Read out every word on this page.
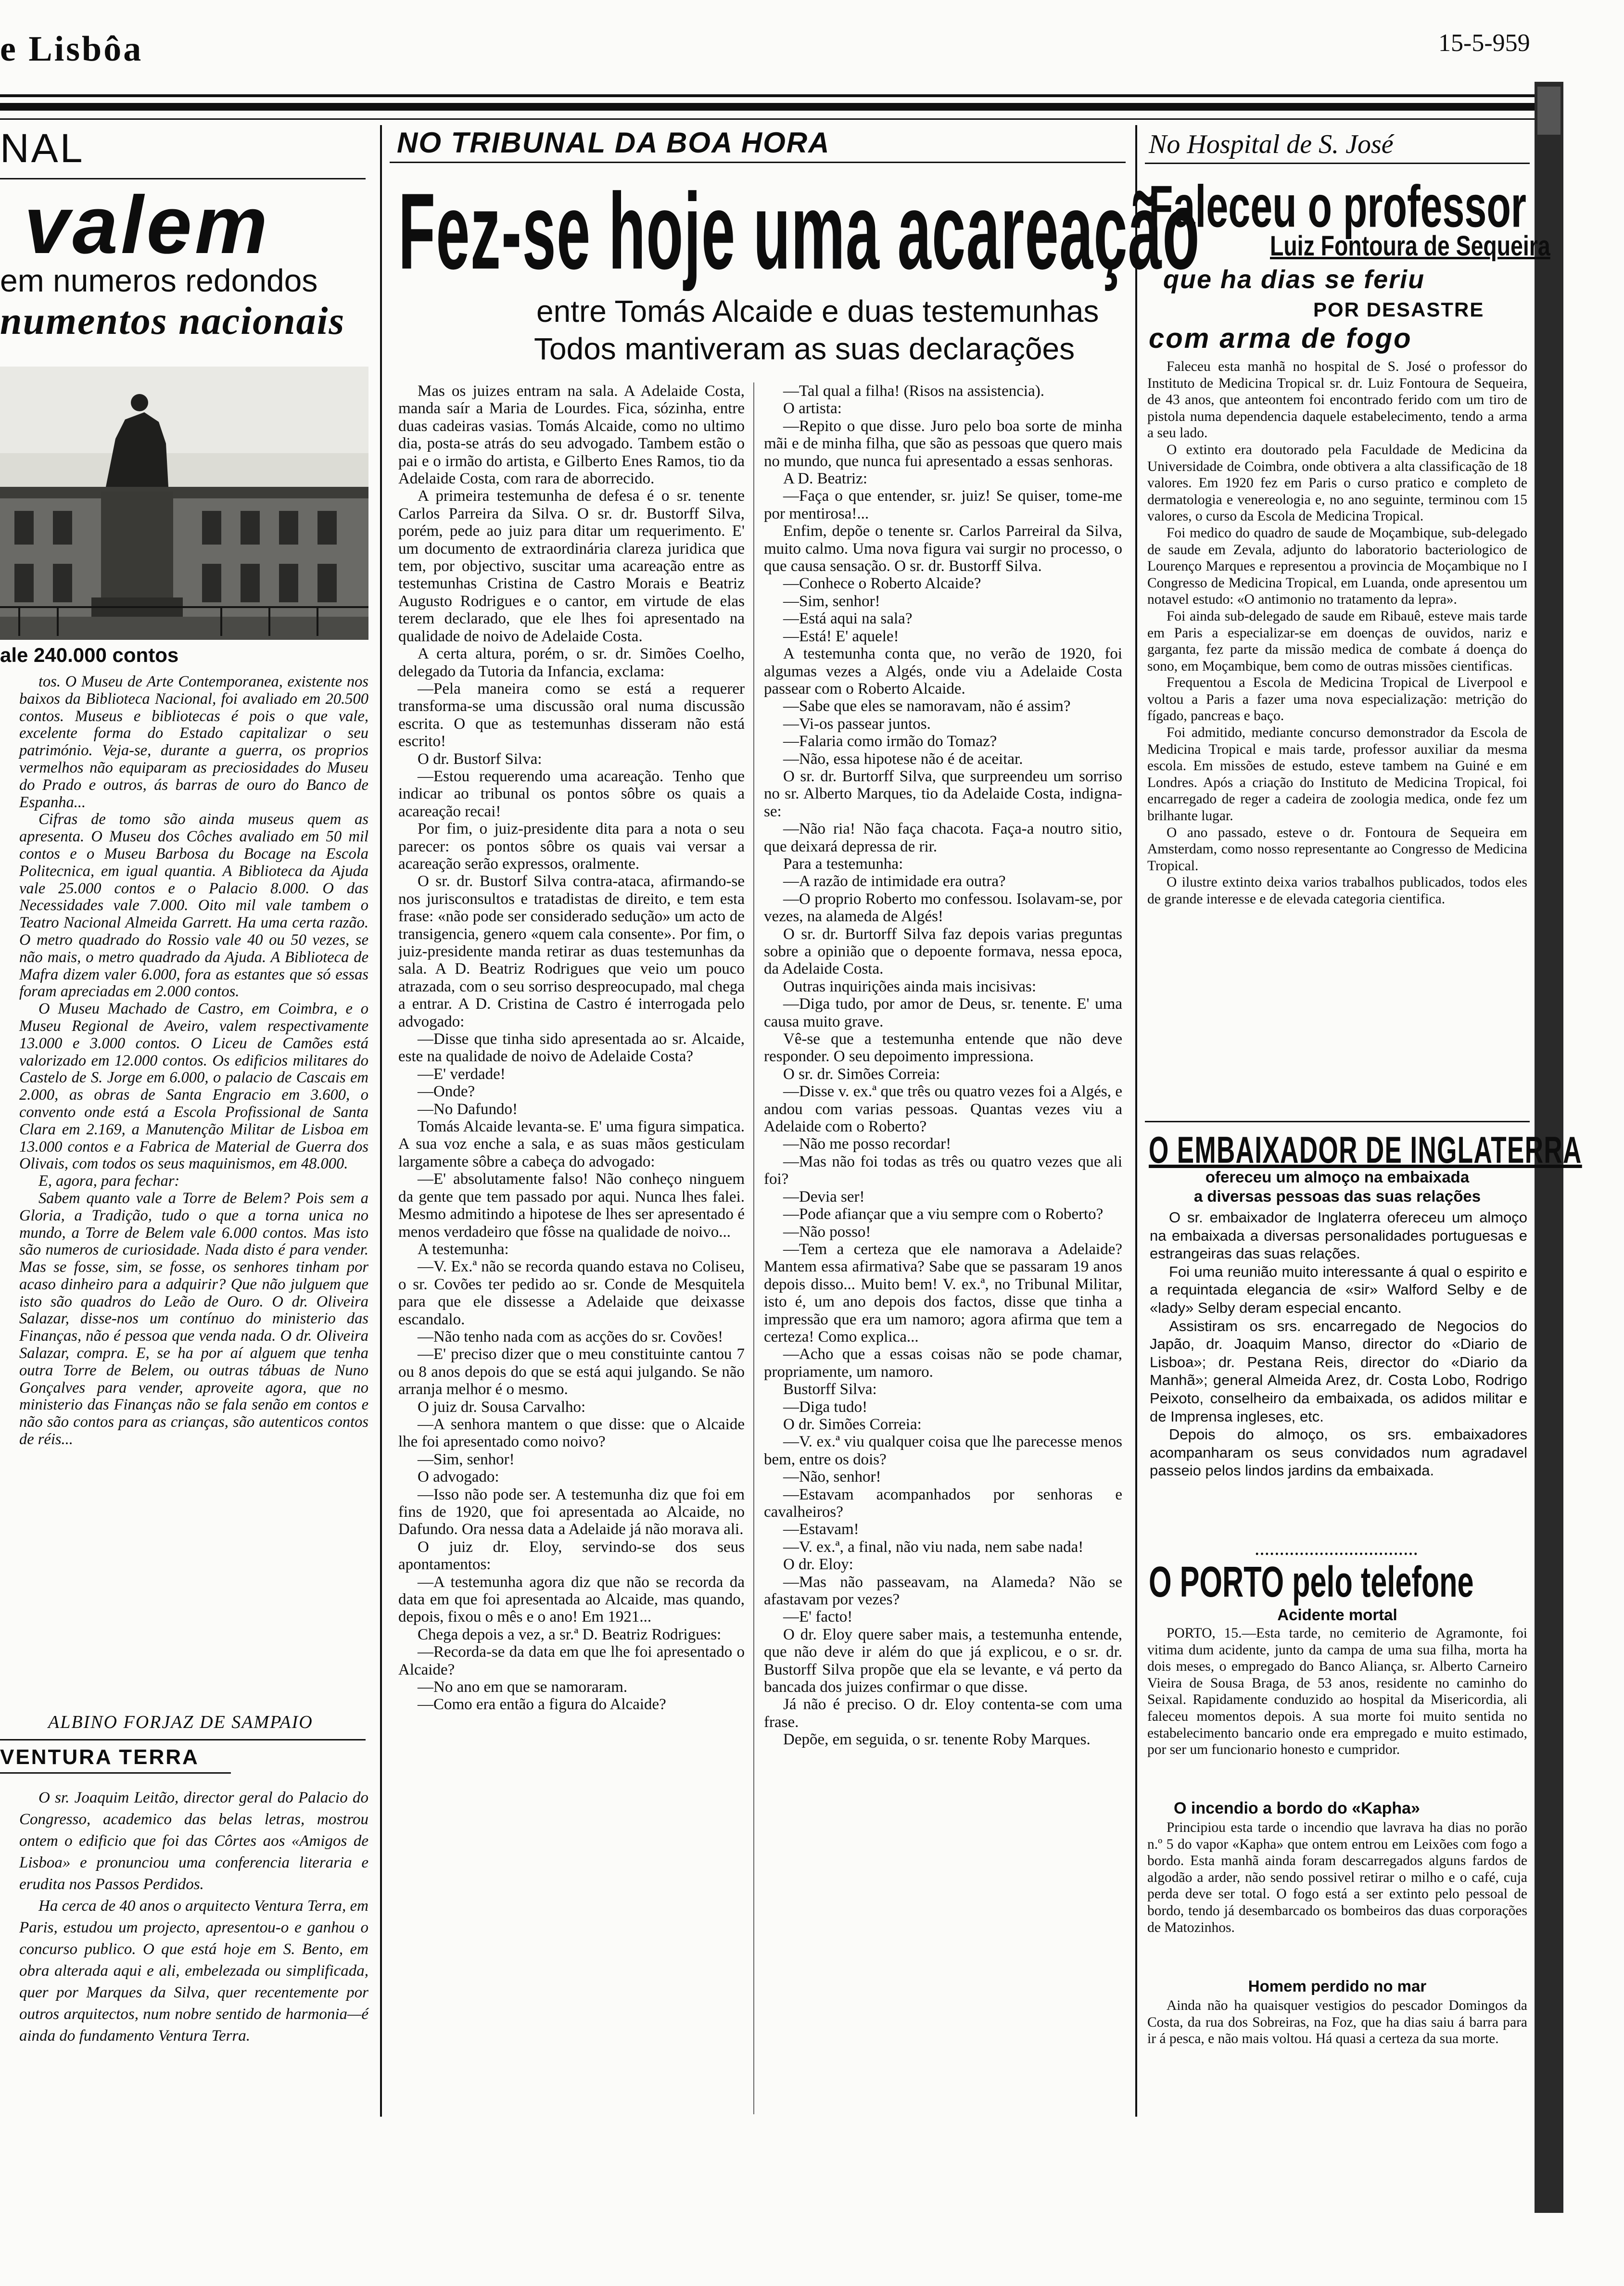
e Lisbôa	15-5-959
NAL
valem
em numeros redondos
numentos nacionais
ale 240.000 contos

tos. O Museu de Arte Contemporanea, existente nos baixos da Biblioteca Nacional, foi avaliado em 20.500 contos. Museus e bibliotecas é pois o que vale, excelente forma do Estado capitalizar o seu património. Veja-se, durante a guerra, os proprios vermelhos não equiparam as preciosidades do Museu do Prado e outros, ás barras de ouro do Banco de Espanha...

Cifras de tomo são ainda museus quem as apresenta. O Museu dos Côches avaliado em 50 mil contos e o Museu Barbosa du Bocage na Escola Politecnica, em igual quantia. A Biblioteca da Ajuda vale 25.000 contos e o Palacio 8.000. O das Necessidades vale 7.000. Oito mil vale tambem o Teatro Nacional Almeida Garrett. Ha uma certa razão. O metro quadrado do Rossio vale 40 ou 50 vezes, se não mais, o metro quadrado da Ajuda. A Biblioteca de Mafra dizem valer 6.000, fora as estantes que só essas foram apreciadas em 2.000 contos.

O Museu Machado de Castro, em Coimbra, e o Museu Regional de Aveiro, valem respectivamente 13.000 e 3.000 contos. O Liceu de Camões está valorizado em 12.000 contos. Os edificios militares do Castelo de S. Jorge em 6.000, o palacio de Cascais em 2.000, as obras de Santa Engracio em 3.600, o convento onde está a Escola Profissional de Santa Clara em 2.169, a Manutenção Militar de Lisboa em 13.000 contos e a Fabrica de Material de Guerra dos Olivais, com todos os seus maquinismos, em 48.000.

E, agora, para fechar:

Sabem quanto vale a Torre de Belem? Pois sem a Gloria, a Tradição, tudo o que a torna unica no mundo, a Torre de Belem vale 6.000 contos. Mas isto são numeros de curiosidade. Nada disto é para vender. Mas se fosse, sim, se fosse, os senhores tinham por acaso dinheiro para a adquirir? Que não julguem que isto são quadros do Leão de Ouro. O dr. Oliveira Salazar, disse-nos um contínuo do ministerio das Finanças, não é pessoa que venda nada. O dr. Oliveira Salazar, compra. E, se ha por aí alguem que tenha outra Torre de Belem, ou outras tábuas de Nuno Gonçalves para vender, aproveite agora, que no ministerio das Finanças não se fala senão em contos e não são contos para as crianças, são autenticos contos de réis...

ALBINO FORJAZ DE SAMPAIO
VENTURA TERRA

O sr. Joaquim Leitão, director geral do Palacio do Congresso, academico das belas letras, mostrou ontem o edificio que foi das Côrtes aos «Amigos de Lisboa» e pronunciou uma conferencia literaria e erudita nos Passos Perdidos.

Ha cerca de 40 anos o arquitecto Ventura Terra, em Paris, estudou um projecto, apresentou-o e ganhou o concurso publico. O que está hoje em S. Bento, em obra alterada aqui e ali, embelezada ou simplificada, quer por Marques da Silva, quer recentemente por outros arquitectos, num nobre sentido de harmonia—é ainda do fundamento Ventura Terra.

NO TRIBUNAL DA BOA HORA
Fez-se hoje uma acareação
entre Tomás Alcaide e duas testemunhas
Todos mantiveram as suas declarações

Mas os juizes entram na sala. A Adelaide Costa, manda saír a Maria de Lourdes. Fica, sózinha, entre duas cadeiras vasias. Tomás Alcaide, como no ultimo dia, posta-se atrás do seu advogado. Tambem estão o pai e o irmão do artista, e Gilberto Enes Ramos, tio da Adelaide Costa, com rara de aborrecido.

A primeira testemunha de defesa é o sr. tenente Carlos Parreira da Silva. O sr. dr. Bustorff Silva, porém, pede ao juiz para ditar um requerimento. E' um documento de extraordinária clareza juridica que tem, por objectivo, suscitar uma acareação entre as testemunhas Cristina de Castro Morais e Beatriz Augusto Rodrigues e o cantor, em virtude de elas terem declarado, que ele lhes foi apresentado na qualidade de noivo de Adelaide Costa.

A certa altura, porém, o sr. dr. Simões Coelho, delegado da Tutoria da Infancia, exclama:

—Pela maneira como se está a requerer transforma-se uma discussão oral numa discussão escrita. O que as testemunhas disseram não está escrito!

O dr. Bustorf Silva:

—Estou requerendo uma acareação. Tenho que indicar ao tribunal os pontos sôbre os quais a acareação recai!

Por fim, o juiz-presidente dita para a nota o seu parecer: os pontos sôbre os quais vai versar a acareação serão expressos, oralmente.

O sr. dr. Bustorf Silva contra-ataca, afirmando-se nos jurisconsultos e tratadistas de direito, e tem esta frase: «não pode ser considerado sedução» um acto de transigencia, genero «quem cala consente». Por fim, o juiz-presidente manda retirar as duas testemunhas da sala. A D. Beatriz Rodrigues que veio um pouco atrazada, com o seu sorriso despreocupado, mal chega a entrar. A D. Cristina de Castro é interrogada pelo advogado:

—Disse que tinha sido apresentada ao sr. Alcaide, este na qualidade de noivo de Adelaide Costa?

—E' verdade!

—Onde?

—No Dafundo!

Tomás Alcaide levanta-se. E' uma figura simpatica. A sua voz enche a sala, e as suas mãos gesticulam largamente sôbre a cabeça do advogado:

—E' absolutamente falso! Não conheço ninguem da gente que tem passado por aqui. Nunca lhes falei. Mesmo admitindo a hipotese de lhes ser apresentado é menos verdadeiro que fôsse na qualidade de noivo...

A testemunha:

—V. Ex.ª não se recorda quando estava no Coliseu, o sr. Covões ter pedido ao sr. Conde de Mesquitela para que ele dissesse a Adelaide que deixasse escandalo.

—Não tenho nada com as acções do sr. Covões!

—E' preciso dizer que o meu constituinte cantou 7 ou 8 anos depois do que se está aqui julgando. Se não arranja melhor é o mesmo.

O juiz dr. Sousa Carvalho:

—A senhora mantem o que disse: que o Alcaide lhe foi apresentado como noivo?

—Sim, senhor!

O advogado:

—Isso não pode ser. A testemunha diz que foi em fins de 1920, que foi apresentada ao Alcaide, no Dafundo. Ora nessa data a Adelaide já não morava ali.

O juiz dr. Eloy, servindo-se dos seus apontamentos:

—A testemunha agora diz que não se recorda da data em que foi apresentada ao Alcaide, mas quando, depois, fixou o mês e o ano! Em 1921...

Chega depois a vez, a sr.ª D. Beatriz Rodrigues:

—Recorda-se da data em que lhe foi apresentado o Alcaide?

—No ano em que se namoraram.

—Como era então a figura do Alcaide?

—Tal qual a filha! (Risos na assistencia).

O artista:

—Repito o que disse. Juro pelo boa sorte de minha mãi e de minha filha, que são as pessoas que quero mais no mundo, que nunca fui apresentado a essas senhoras.

A D. Beatriz:

—Faça o que entender, sr. juiz! Se quiser, tome-me por mentirosa!...

Enfim, depõe o tenente sr. Carlos Parreiral da Silva, muito calmo. Uma nova figura vai surgir no processo, o que causa sensação. O sr. dr. Bustorff Silva.

—Conhece o Roberto Alcaide?

—Sim, senhor!

—Está aqui na sala?

—Está! E' aquele!

A testemunha conta que, no verão de 1920, foi algumas vezes a Algés, onde viu a Adelaide Costa passear com o Roberto Alcaide.

—Sabe que eles se namoravam, não é assim?

—Vi-os passear juntos.

—Falaria como irmão do Tomaz?

—Não, essa hipotese não é de aceitar.

O sr. dr. Burtorff Silva, que surpreendeu um sorriso no sr. Alberto Marques, tio da Adelaide Costa, indigna-se:

—Não ria! Não faça chacota. Faça-a noutro sitio, que deixará depressa de rir.

Para a testemunha:

—A razão de intimidade era outra?

—O proprio Roberto mo confessou. Isolavam-se, por vezes, na alameda de Algés!

O sr. dr. Burtorff Silva faz depois varias preguntas sobre a opinião que o depoente formava, nessa epoca, da Adelaide Costa.

Outras inquirições ainda mais incisivas:

—Diga tudo, por amor de Deus, sr. tenente. E' uma causa muito grave.

Vê-se que a testemunha entende que não deve responder. O seu depoimento impressiona.

O sr. dr. Simões Correia:

—Disse v. ex.ª que três ou quatro vezes foi a Algés, e andou com varias pessoas. Quantas vezes viu a Adelaide com o Roberto?

—Não me posso recordar!

—Mas não foi todas as três ou quatro vezes que ali foi?

—Devia ser!

—Pode afiançar que a viu sempre com o Roberto?

—Não posso!

—Tem a certeza que ele namorava a Adelaide? Mantem essa afirmativa? Sabe que se passaram 19 anos depois disso... Muito bem! V. ex.ª, no Tribunal Militar, isto é, um ano depois dos factos, disse que tinha a impressão que era um namoro; agora afirma que tem a certeza! Como explica...

—Acho que a essas coisas não se pode chamar, propriamente, um namoro.

Bustorff Silva:

—Diga tudo!

O dr. Simões Correia:

—V. ex.ª viu qualquer coisa que lhe parecesse menos bem, entre os dois?

—Não, senhor!

—Estavam acompanhados por senhoras e cavalheiros?

—Estavam!

—V. ex.ª, a final, não viu nada, nem sabe nada!

O dr. Eloy:

—Mas não passeavam, na Alameda? Não se afastavam por vezes?

—E' facto!

O dr. Eloy quere saber mais, a testemunha entende, que não deve ir além do que já explicou, e o sr. dr. Bustorff Silva propõe que ela se levante, e vá perto da bancada dos juizes confirmar o que disse.

Já não é preciso. O dr. Eloy contenta-se com uma frase.

Depõe, em seguida, o sr. tenente Roby Marques.

No Hospital de S. José
Faleceu o professor
Luiz Fontoura de Sequeira
que ha dias se feriu
POR DESASTRE
com arma de fogo

Faleceu esta manhã no hospital de S. José o professor do Instituto de Medicina Tropical sr. dr. Luiz Fontoura de Sequeira, de 43 anos, que anteontem foi encontrado ferido com um tiro de pistola numa dependencia daquele estabelecimento, tendo a arma a seu lado.

O extinto era doutorado pela Faculdade de Medicina da Universidade de Coimbra, onde obtivera a alta classificação de 18 valores. Em 1920 fez em Paris o curso pratico e completo de dermatologia e venereologia e, no ano seguinte, terminou com 15 valores, o curso da Escola de Medicina Tropical.

Foi medico do quadro de saude de Moçambique, sub-delegado de saude em Zevala, adjunto do laboratorio bacteriologico de Lourenço Marques e representou a provincia de Moçambique no I Congresso de Medicina Tropical, em Luanda, onde apresentou um notavel estudo: «O antimonio no tratamento da lepra».

Foi ainda sub-delegado de saude em Ribauê, esteve mais tarde em Paris a especializar-se em doenças de ouvidos, nariz e garganta, fez parte da missão medica de combate á doença do sono, em Moçambique, bem como de outras missões cientificas.

Frequentou a Escola de Medicina Tropical de Liverpool e voltou a Paris a fazer uma nova especialização: metrição do fígado, pancreas e baço.

Foi admitido, mediante concurso demonstrador da Escola de Medicina Tropical e mais tarde, professor auxiliar da mesma escola. Em missões de estudo, esteve tambem na Guiné e em Londres. Após a criação do Instituto de Medicina Tropical, foi encarregado de reger a cadeira de zoologia medica, onde fez um brilhante lugar.

O ano passado, esteve o dr. Fontoura de Sequeira em Amsterdam, como nosso representante ao Congresso de Medicina Tropical.

O ilustre extinto deixa varios trabalhos publicados, todos eles de grande interesse e de elevada categoria cientifica.

O EMBAIXADOR DE INGLATERRA
ofereceu um almoço na embaixada
a diversas pessoas das suas relações

O sr. embaixador de Inglaterra ofereceu um almoço na embaixada a diversas personalidades portuguesas e estrangeiras das suas relações.

Foi uma reunião muito interessante á qual o espirito e a requintada elegancia de «sir» Walford Selby e de «lady» Selby deram especial encanto.

Assistiram os srs. encarregado de Negocios do Japão, dr. Joaquim Manso, director do «Diario de Lisboa»; dr. Pestana Reis, director do «Diario da Manhã»; general Almeida Arez, dr. Costa Lobo, Rodrigo Peixoto, conselheiro da embaixada, os adidos militar e de Imprensa ingleses, etc.

Depois do almoço, os srs. embaixadores acompanharam os seus convidados num agradavel passeio pelos lindos jardins da embaixada.

•••••••••••••••••••••••••••••••••
O PORTO pelo telefone
Acidente mortal

PORTO, 15.—Esta tarde, no cemiterio de Agramonte, foi vitima dum acidente, junto da campa de uma sua filha, morta ha dois meses, o empregado do Banco Aliança, sr. Alberto Carneiro Vieira de Sousa Braga, de 53 anos, residente no caminho do Seixal. Rapidamente conduzido ao hospital da Misericordia, ali faleceu momentos depois. A sua morte foi muito sentida no estabelecimento bancario onde era empregado e muito estimado, por ser um funcionario honesto e cumpridor.

O incendio a bordo do «Kapha»

Principiou esta tarde o incendio que lavrava ha dias no porão n.º 5 do vapor «Kapha» que ontem entrou em Leixões com fogo a bordo. Esta manhã ainda foram descarregados alguns fardos de algodão a arder, não sendo possivel retirar o milho e o café, cuja perda deve ser total. O fogo está a ser extinto pelo pessoal de bordo, tendo já desembarcado os bombeiros das duas corporações de Matozinhos.

Homem perdido no mar

Ainda não ha quaisquer vestigios do pescador Domingos da Costa, da rua dos Sobreiras, na Foz, que ha dias saiu á barra para ir á pesca, e não mais voltou. Há quasi a certeza da sua morte.
